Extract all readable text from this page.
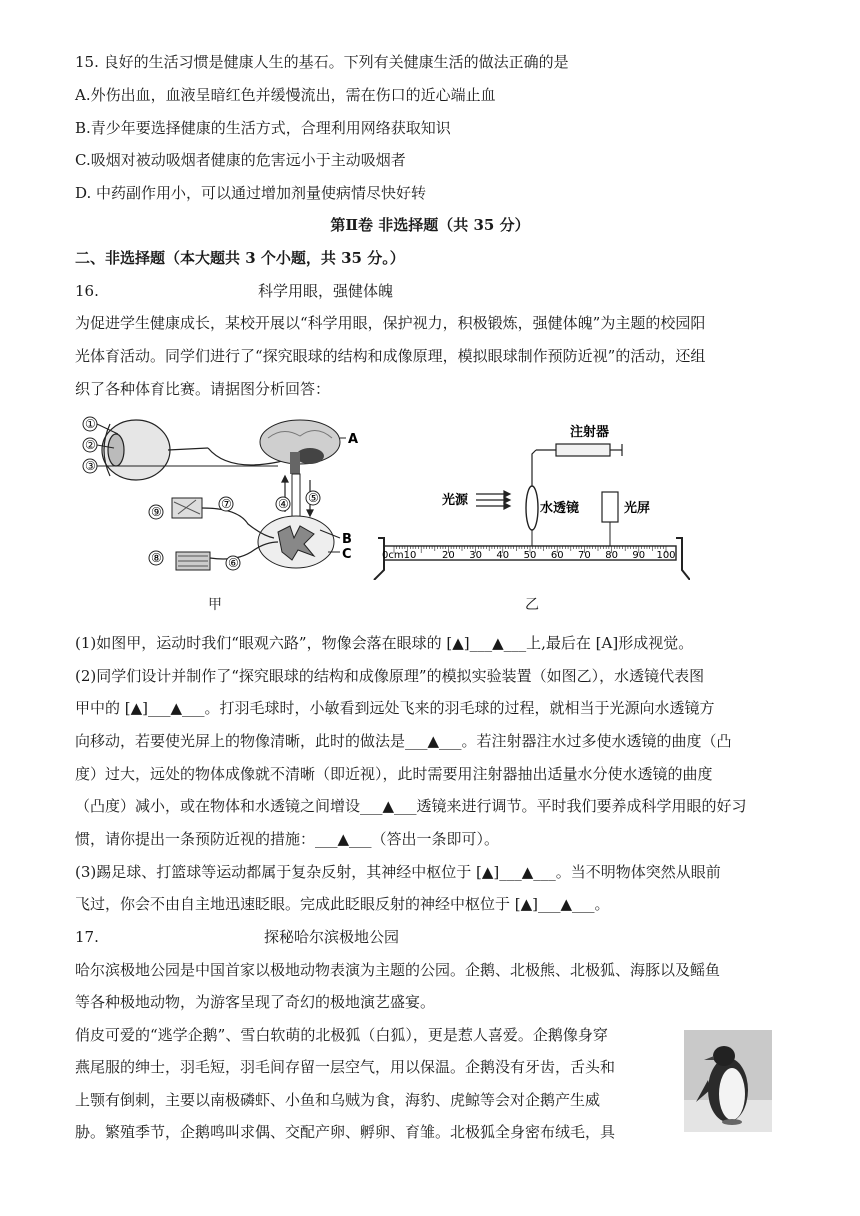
15. 良好的生活习惯是健康人生的基石。下列有关健康生活的做法正确的是
A.外伤出血，血液呈暗红色并缓慢流出，需在伤口的近心端止血
B.青少年要选择健康的生活方式，合理利用网络获取知识
C.吸烟对被动吸烟者健康的危害远小于主动吸烟者
D. 中药副作用小，可以通过增加剂量使病情尽快好转
第Ⅱ卷 非选择题（共 35 分）
二、非选择题（本大题共 3 个小题，共 35 分。）
16.	科学用眼，强健体魄
为促进学生健康成长，某校开展以“科学用眼，保护视力，积极锻炼，强健体魄”为主题的校园阳
光体育活动。同学们进行了“探究眼球的结构和成像原理，模拟眼球制作预防近视”的活动，还组
织了各种体育比赛。请据图分析回答：
①
②
③
A
④ ⑤
B
C
⑨
⑧
⑦
⑥
甲
注射器
水透镜
光源
光屏
0cm10	20 30 40 50 60 70 80 90 100
乙
(1)如图甲，运动时我们“眼观六路”，物像会落在眼球的 [▲]___▲___上,最后在 [A]形成视觉。
(2)同学们设计并制作了“探究眼球的结构和成像原理”的模拟实验装置（如图乙），水透镜代表图
甲中的 [▲]___▲___。打羽毛球时，小敏看到远处飞来的羽毛球的过程，就相当于光源向水透镜方
向移动，若要使光屏上的物像清晰，此时的做法是___▲___。若注射器注水过多使水透镜的曲度（凸
度）过大，远处的物体成像就不清晰（即近视），此时需要用注射器抽出适量水分使水透镜的曲度
（凸度）减小，或在物体和水透镜之间增设___▲___透镜来进行调节。平时我们要养成科学用眼的好习
惯，请你提出一条预防近视的措施：___▲___（答出一条即可）。
(3)踢足球、打篮球等运动都属于复杂反射，其神经中枢位于 [▲]___▲___。当不明物体突然从眼前
飞过，你会不由自主地迅速眨眼。完成此眨眼反射的神经中枢位于 [▲]___▲___。
17.	探秘哈尔滨极地公园
哈尔滨极地公园是中国首家以极地动物表演为主题的公园。企鹅、北极熊、北极狐、海豚以及鳐鱼
等各种极地动物，为游客呈现了奇幻的极地演艺盛宴。
俏皮可爱的“逃学企鹅”、雪白软萌的北极狐（白狐），更是惹人喜爱。企鹅像身穿
燕尾服的绅士，羽毛短，羽毛间存留一层空气，用以保温。企鹅没有牙齿，舌头和
上颚有倒刺，主要以南极磷虾、小鱼和乌贼为食，海豹、虎鲸等会对企鹅产生威
胁。繁殖季节，企鹅鸣叫求偶、交配产卵、孵卵、育雏。北极狐全身密布绒毛，具
